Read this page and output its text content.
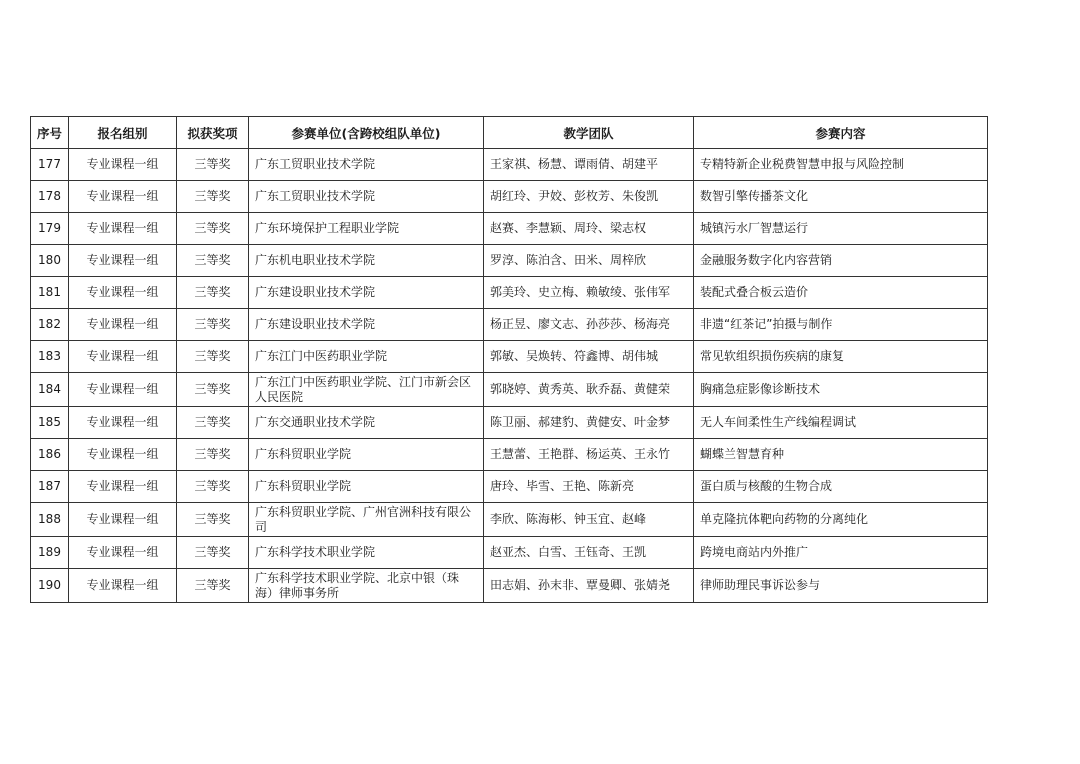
序号	报名组别	拟获奖项	参赛单位(含跨校组队单位)	教学团队	参赛内容
177	专业课程一组	三等奖	广东工贸职业技术学院	王家祺、杨慧、谭雨倩、胡建平	专精特新企业税费智慧申报与风险控制
178	专业课程一组	三等奖	广东工贸职业技术学院	胡红玲、尹姣、彭枚芳、朱俊凯	数智引擎传播茶文化
179	专业课程一组	三等奖	广东环境保护工程职业学院	赵赛、李慧颖、周玲、梁志权	城镇污水厂智慧运行
180	专业课程一组	三等奖	广东机电职业技术学院	罗淳、陈泊含、田米、周梓欣	金融服务数字化内容营销
181	专业课程一组	三等奖	广东建设职业技术学院	郭美玲、史立梅、赖敏绫、张伟军	装配式叠合板云造价
182	专业课程一组	三等奖	广东建设职业技术学院	杨正昱、廖文志、孙莎莎、杨海亮	非遗“红茶记”拍摄与制作
183	专业课程一组	三等奖	广东江门中医药职业学院	郭敏、吴焕转、符鑫博、胡伟城	常见软组织损伤疾病的康复
184	专业课程一组	三等奖	广东江门中医药职业学院、江门市新会区人民医院	郭晓婷、黄秀英、耿乔磊、黄健荣	胸痛急症影像诊断技术
185	专业课程一组	三等奖	广东交通职业技术学院	陈卫丽、郝建豹、黄健安、叶金梦	无人车间柔性生产线编程调试
186	专业课程一组	三等奖	广东科贸职业学院	王慧蕾、王艳群、杨运英、王永竹	蝴蝶兰智慧育种
187	专业课程一组	三等奖	广东科贸职业学院	唐玲、毕雪、王艳、陈新亮	蛋白质与核酸的生物合成
188	专业课程一组	三等奖	广东科贸职业学院、广州官洲科技有限公司	李欣、陈海彬、钟玉宜、赵峰	单克隆抗体靶向药物的分离纯化
189	专业课程一组	三等奖	广东科学技术职业学院	赵亚杰、白雪、王钰奇、王凯	跨境电商站内外推广
190	专业课程一组	三等奖	广东科学技术职业学院、北京中银（珠海）律师事务所	田志娟、孙末非、覃曼卿、张婧尧	律师助理民事诉讼参与
